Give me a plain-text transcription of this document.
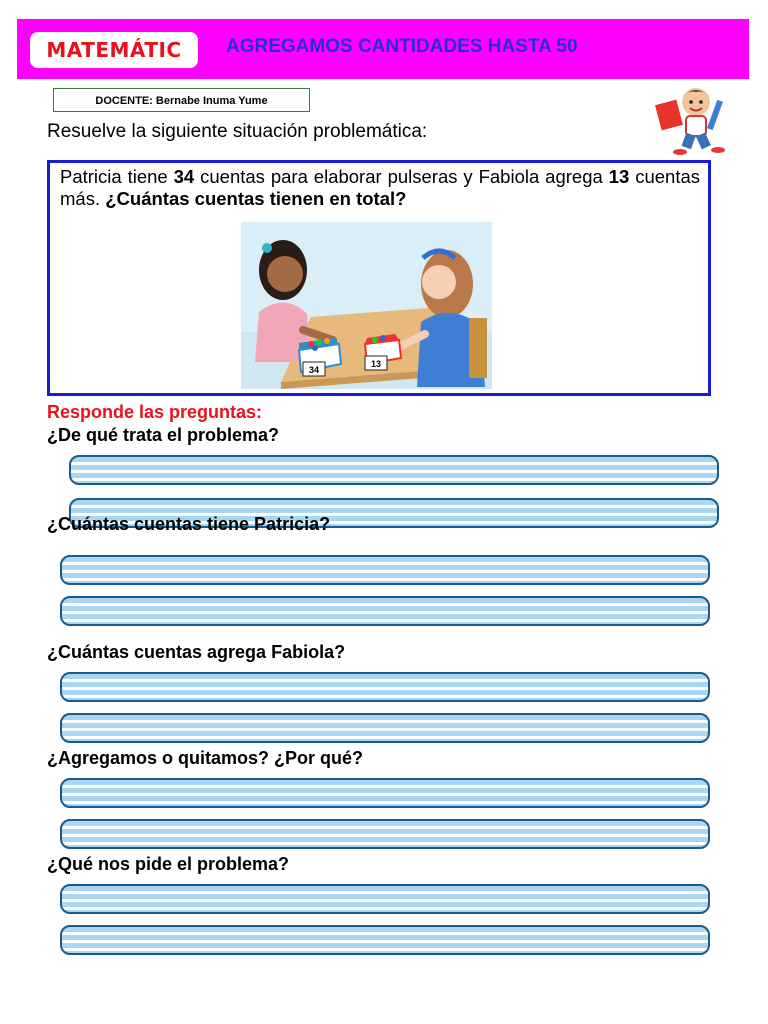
MATEMÁTIC	AGREGAMOS CANTIDADES HASTA 50
DOCENTE: Bernabe Inuma Yume
Resuelve la siguiente situación problemática:
Patricia tiene 34 cuentas para elaborar pulseras y Fabiola agrega 13 cuentas más. ¿Cuántas cuentas tienen en total?
34
13
Responde las preguntas:
¿De qué trata el problema?
¿Cuántas cuentas tiene Patricia?
¿Cuántas cuentas agrega Fabiola?
¿Agregamos o quitamos? ¿Por qué?
¿Qué nos pide el problema?
